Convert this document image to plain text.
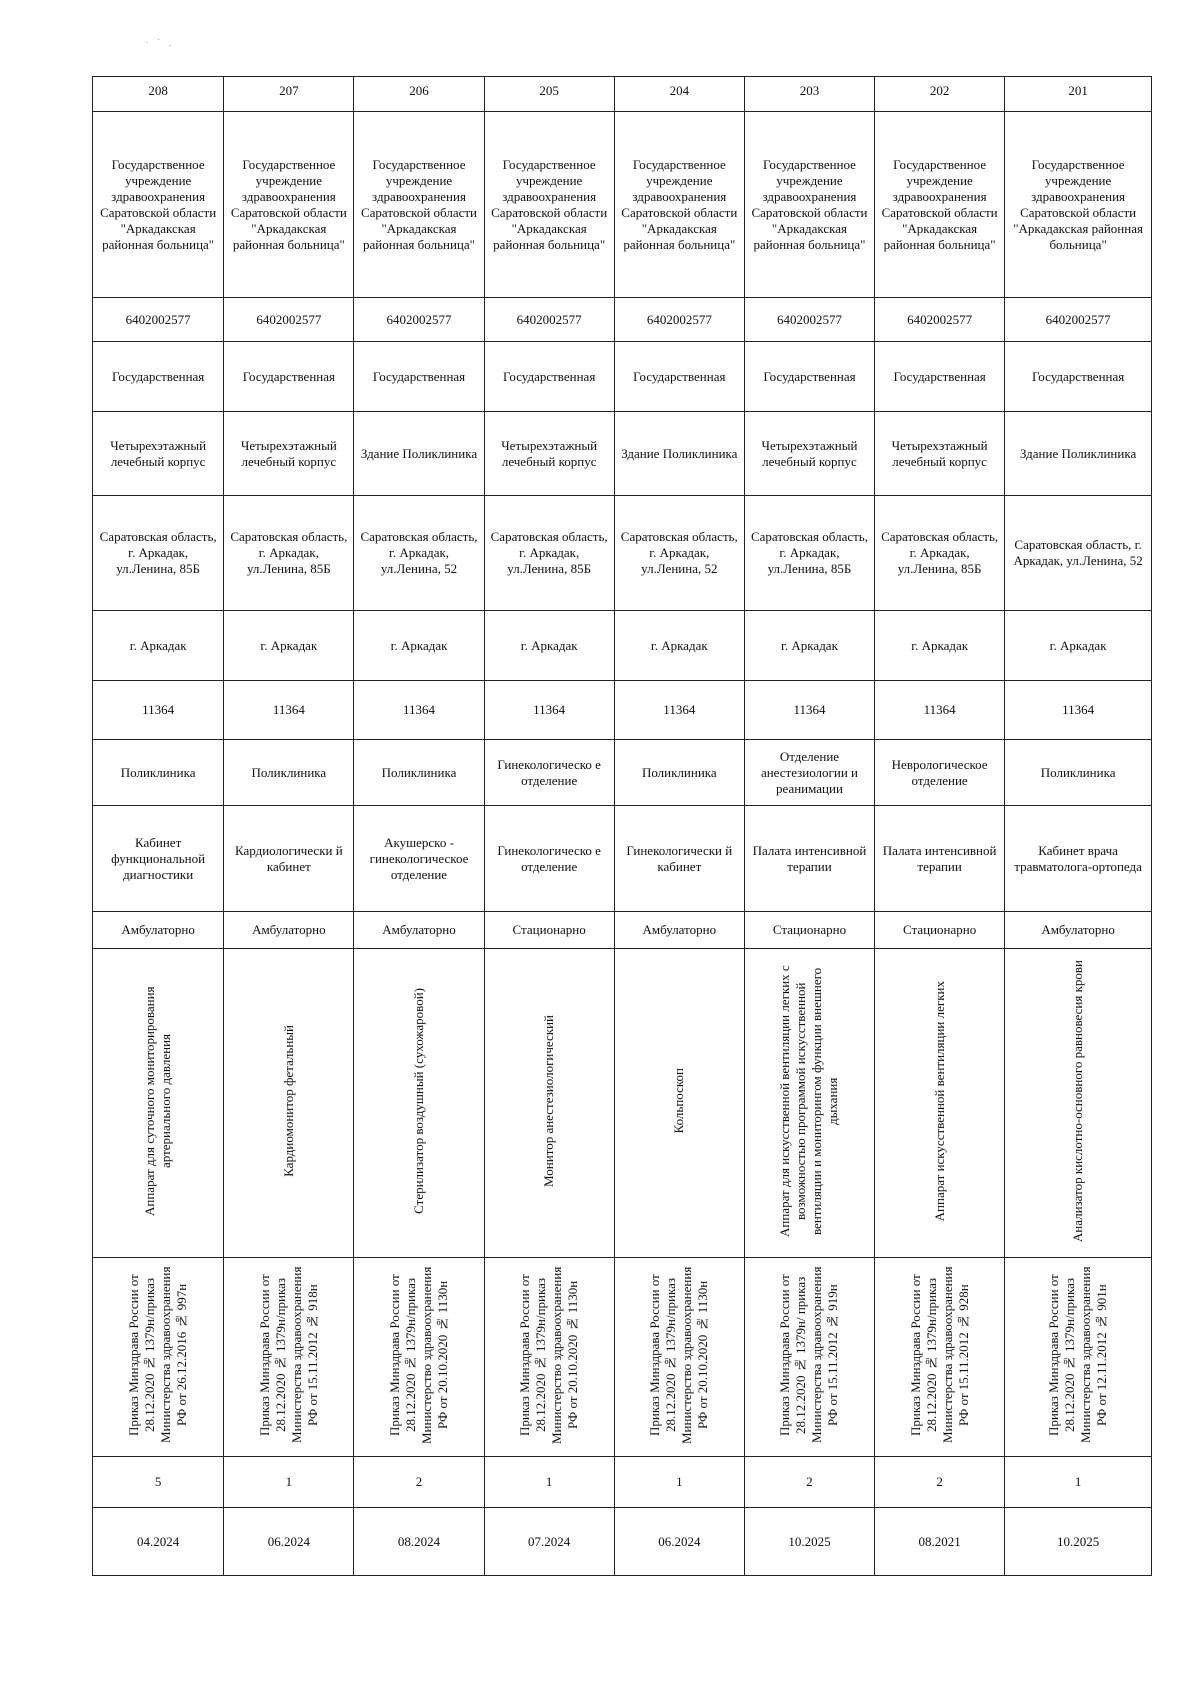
· ˙ .
208	207	206	205	204	203	202	201
Государственное учреждение здравоохранения Саратовской области "Аркадакская районная больница"	Государственное учреждение здравоохранения Саратовской области "Аркадакская районная больница"	Государственное учреждение здравоохранения Саратовской области "Аркадакская районная больница"	Государственное учреждение здравоохранения Саратовской области "Аркадакская районная больница"	Государственное учреждение здравоохранения Саратовской области "Аркадакская районная больница"	Государственное учреждение здравоохранения Саратовской области "Аркадакская районная больница"	Государственное учреждение здравоохранения Саратовской области "Аркадакская районная больница"	Государственное учреждение здравоохранения Саратовской области "Аркадакская районная больница"
6402002577	6402002577	6402002577	6402002577	6402002577	6402002577	6402002577	6402002577
Государственная	Государственная	Государственная	Государственная	Государственная	Государственная	Государственная	Государственная
Четырехэтажный лечебный корпус	Четырехэтажный лечебный корпус	Здание Поликлиника	Четырехэтажный лечебный корпус	Здание Поликлиника	Четырехэтажный лечебный корпус	Четырехэтажный лечебный корпус	Здание Поликлиника
Саратовская область, г. Аркадак, ул.Ленина, 85Б	Саратовская область, г. Аркадак, ул.Ленина, 85Б	Саратовская область, г. Аркадак, ул.Ленина, 52	Саратовская область, г. Аркадак, ул.Ленина, 85Б	Саратовская область, г. Аркадак, ул.Ленина, 52	Саратовская область, г. Аркадак, ул.Ленина, 85Б	Саратовская область, г. Аркадак, ул.Ленина, 85Б	Саратовская область, г. Аркадак, ул.Ленина, 52
г. Аркадак	г. Аркадак	г. Аркадак	г. Аркадак	г. Аркадак	г. Аркадак	г. Аркадак	г. Аркадак
11364	11364	11364	11364	11364	11364	11364	11364
Поликлиника	Поликлиника	Поликлиника	Гинекологическо е отделение	Поликлиника	Отделение анестезиологии и реанимации	Неврологическое отделение	Поликлиника
Кабинет функциональной диагностики	Кардиологически й кабинет	Акушерско - гинекологическое отделение	Гинекологическо е отделение	Гинекологически й кабинет	Палата интенсивной терапии	Палата интенсивной терапии	Кабинет врача травматолога-ортопеда
Амбулаторно	Амбулаторно	Амбулаторно	Стационарно	Амбулаторно	Стационарно	Стационарно	Амбулаторно
Аппарат для суточного мониторирования артериального давления	Кардиомонитор фетальный	Стерилизатор воздушный (сухожаровой)	Монитор анестезиологический	Кольпоскоп	Аппарат для искусственной вентиляции легких с возможностью программой искусственной вентиляции и мониторингом функции внешнего дыхания	Аппарат искусственной вентиляции легких	Анализатор кислотно-основного равновесия крови
Приказ Минздрава России от 28.12.2020 № 1379н/приказ Министерства здравоохранения РФ от 26.12.2016 № 997н	Приказ Минздрава России от 28.12.2020 № 1379н/приказ Министерства здравоохранения РФ от 15.11.2012 № 918н	Приказ Минздрава России от 28.12.2020 № 1379н/приказ Министерство здравоохранения РФ от 20.10.2020 № 1130н	Приказ Минздрава России от 28.12.2020 № 1379н/приказ Министерство здравоохранения РФ от 20.10.2020 № 1130н	Приказ Минздрава России от 28.12.2020 № 1379н/приказ Министерство здравоохранения РФ от 20.10.2020 № 1130н	Приказ Минздрава России от 28.12.2020 № 1379н/ приказ Министерства здравоохранения РФ от 15.11.2012 № 919н	Приказ Минздрава России от 28.12.2020 № 1379н/приказ Министерства здравоохранения РФ от 15.11.2012 № 928н	Приказ Минздрава России от 28.12.2020 № 1379н/приказ Министерства здравоохранения РФ от 12.11.2012 № 901н
5	1	2	1	1	2	2	1
04.2024	06.2024	08.2024	07.2024	06.2024	10.2025	08.2021	10.2025
